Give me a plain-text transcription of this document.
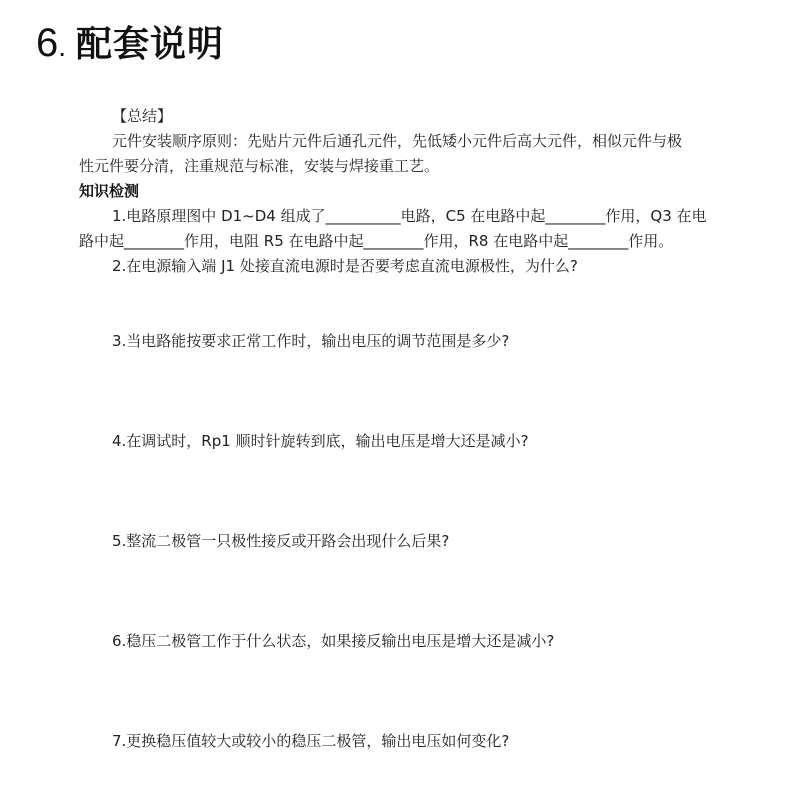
6. 配套说明
【总结】
元件安装顺序原则：先贴片元件后通孔元件，先低矮小元件后高大元件，相似元件与极
性元件要分清，注重规范与标准，安装与焊接重工艺。
知识检测
1.电路原理图中 D1~D4 组成了__________电路，C5 在电路中起________作用，Q3 在电
路中起________作用，电阻 R5 在电路中起________作用，R8 在电路中起________作用。
2.在电源输入端 J1 处接直流电源时是否要考虑直流电源极性，为什么?
3.当电路能按要求正常工作时，输出电压的调节范围是多少?
4.在调试时，Rp1 顺时针旋转到底，输出电压是增大还是减小?
5.整流二极管一只极性接反或开路会出现什么后果?
6.稳压二极管工作于什么状态，如果接反输出电压是增大还是减小?
7.更换稳压值较大或较小的稳压二极管，输出电压如何变化?
